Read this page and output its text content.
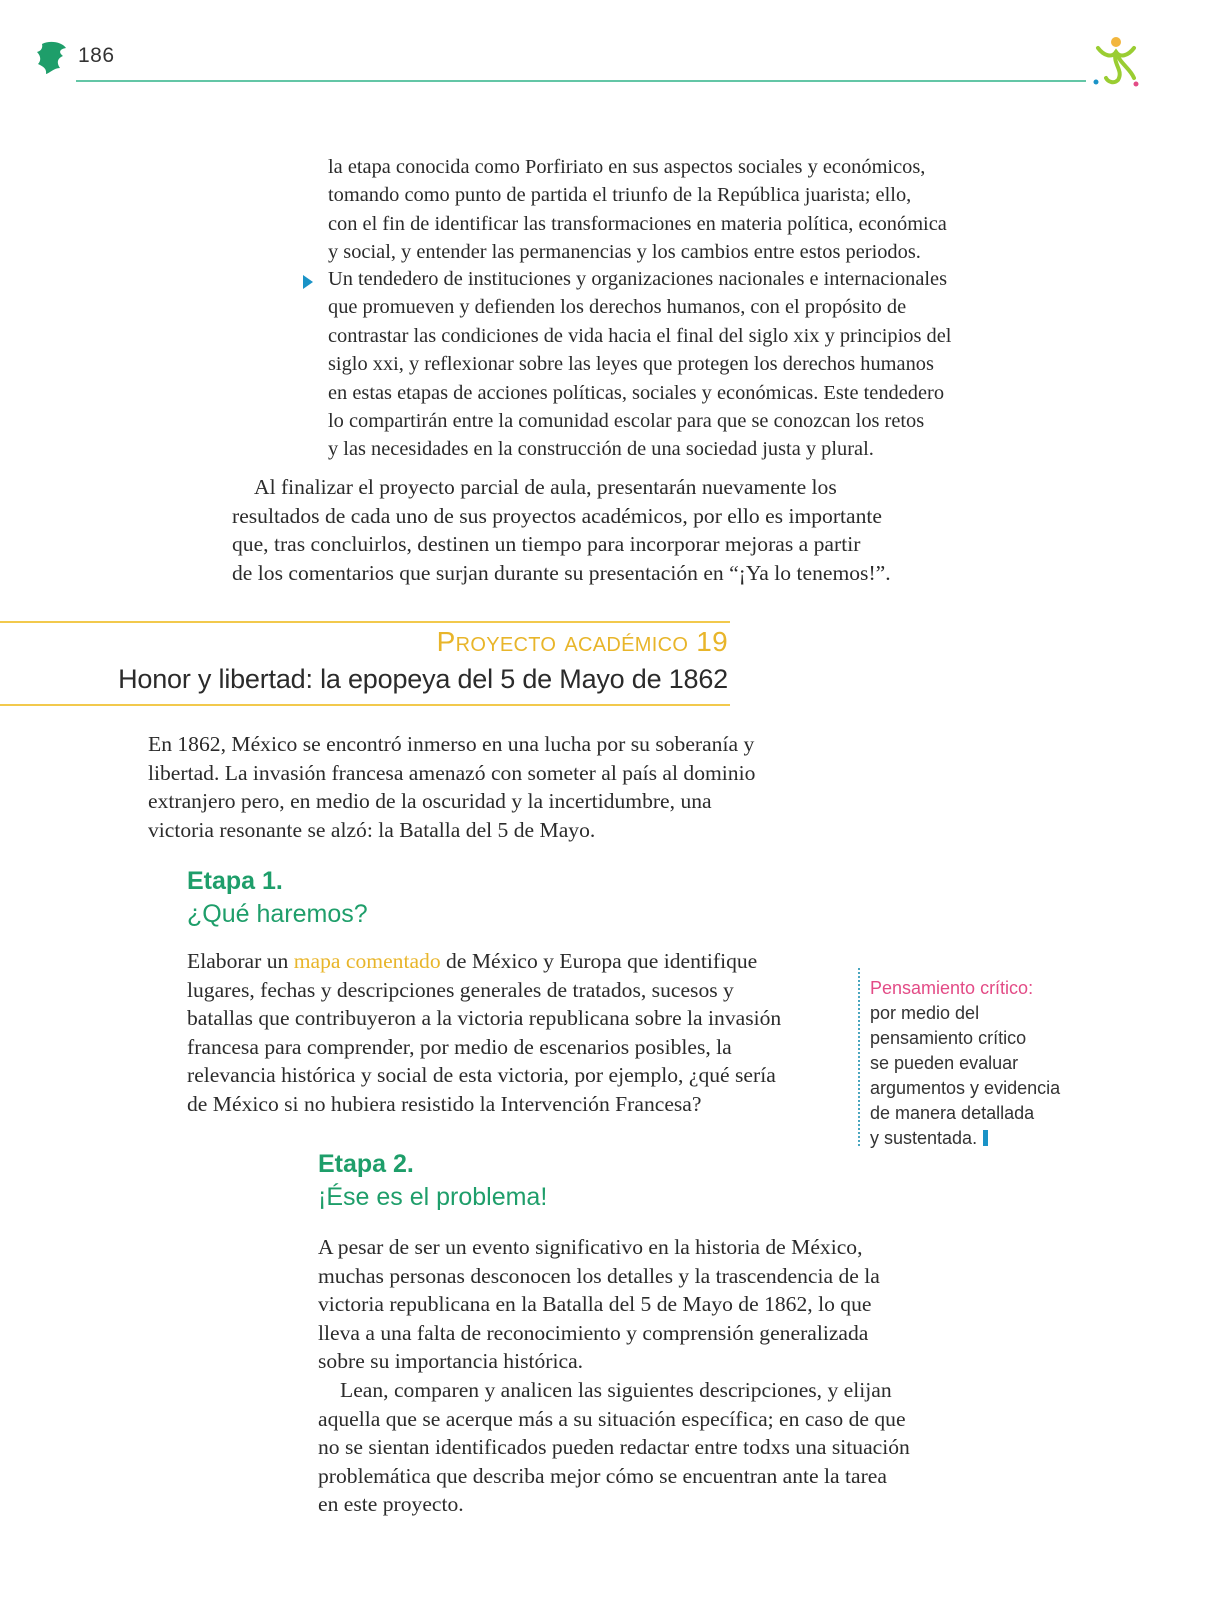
186
la etapa conocida como Porfiriato en sus aspectos sociales y económicos,
tomando como punto de partida el triunfo de la República juarista; ello,
con el fin de identificar las transformaciones en materia política, económica
y social, y entender las permanencias y los cambios entre estos periodos.
Un tendedero de instituciones y organizaciones nacionales e internacionales
que promueven y defienden los derechos humanos, con el propósito de
contrastar las condiciones de vida hacia el final del siglo xix y principios del
siglo xxi, y reflexionar sobre las leyes que protegen los derechos humanos
en estas etapas de acciones políticas, sociales y económicas. Este tendedero
lo compartirán entre la comunidad escolar para que se conozcan los retos
y las necesidades en la construcción de una sociedad justa y plural.
Al finalizar el proyecto parcial de aula, presentarán nuevamente los
resultados de cada uno de sus proyectos académicos, por ello es importante
que, tras concluirlos, destinen un tiempo para incorporar mejoras a partir
de los comentarios que surjan durante su presentación en “¡Ya lo tenemos!”.
Proyecto académico 19
Honor y libertad: la epopeya del 5 de Mayo de 1862
En 1862, México se encontró inmerso en una lucha por su soberanía y
libertad. La invasión francesa amenazó con someter al país al dominio
extranjero pero, en medio de la oscuridad y la incertidumbre, una
victoria resonante se alzó: la Batalla del 5 de Mayo.
Etapa 1.
¿Qué haremos?
Elaborar un mapa comentado de México y Europa que identifique
lugares, fechas y descripciones generales de tratados, sucesos y
batallas que contribuyeron a la victoria republicana sobre la invasión
francesa para comprender, por medio de escenarios posibles, la
relevancia histórica y social de esta victoria, por ejemplo, ¿qué sería
de México si no hubiera resistido la Intervención Francesa?
Pensamiento crítico:
por medio del
pensamiento crítico
se pueden evaluar
argumentos y evidencia
de manera detallada
y sustentada.
Etapa 2.
¡Ése es el problema!
A pesar de ser un evento significativo en la historia de México,
muchas personas desconocen los detalles y la trascendencia de la
victoria republicana en la Batalla del 5 de Mayo de 1862, lo que
lleva a una falta de reconocimiento y comprensión generalizada
sobre su importancia histórica.
Lean, comparen y analicen las siguientes descripciones, y elijan
aquella que se acerque más a su situación específica; en caso de que
no se sientan identificados pueden redactar entre todxs una situación
problemática que describa mejor cómo se encuentran ante la tarea
en este proyecto.
